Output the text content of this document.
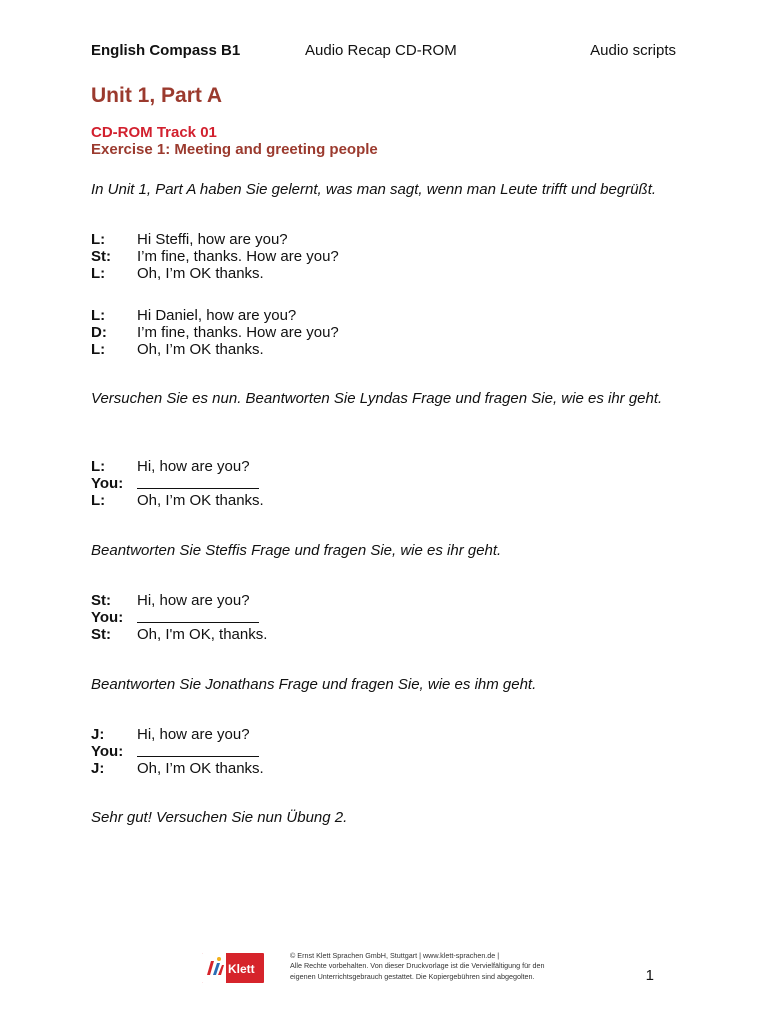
English Compass B1	Audio Recap CD-ROM	Audio scripts
Unit 1, Part A
CD-ROM Track 01
Exercise 1: Meeting and greeting people
In Unit 1, Part A haben Sie gelernt, was man sagt, wenn man Leute trifft und begrüßt.
L:	Hi Steffi, how are you?
St:	I’m fine, thanks. How are you?
L:	Oh, I’m OK thanks.
L:	Hi Daniel, how are you?
D:	I’m fine, thanks. How are you?
L:	Oh, I’m OK thanks.
Versuchen Sie es nun. Beantworten Sie Lyndas Frage und fragen Sie, wie es ihr geht.
L:	Hi, how are you?
You:
L:	Oh, I’m OK thanks.
Beantworten Sie Steffis Frage und fragen Sie, wie es ihr geht.
St:	Hi, how are you?
You:
St:	Oh, I'm OK, thanks.
Beantworten Sie Jonathans Frage und fragen Sie, wie es ihm geht.
J:	Hi, how are you?
You:
J:	Oh, I’m OK thanks.
Sehr gut! Versuchen Sie nun Übung 2.
Klett
© Ernst Klett Sprachen GmbH, Stuttgart | www.klett-sprachen.de |
Alle Rechte vorbehalten. Von dieser Druckvorlage ist die Vervielfältigung für den
eigenen Unterrichtsgebrauch gestattet. Die Kopiergebühren sind abgegolten.	1
